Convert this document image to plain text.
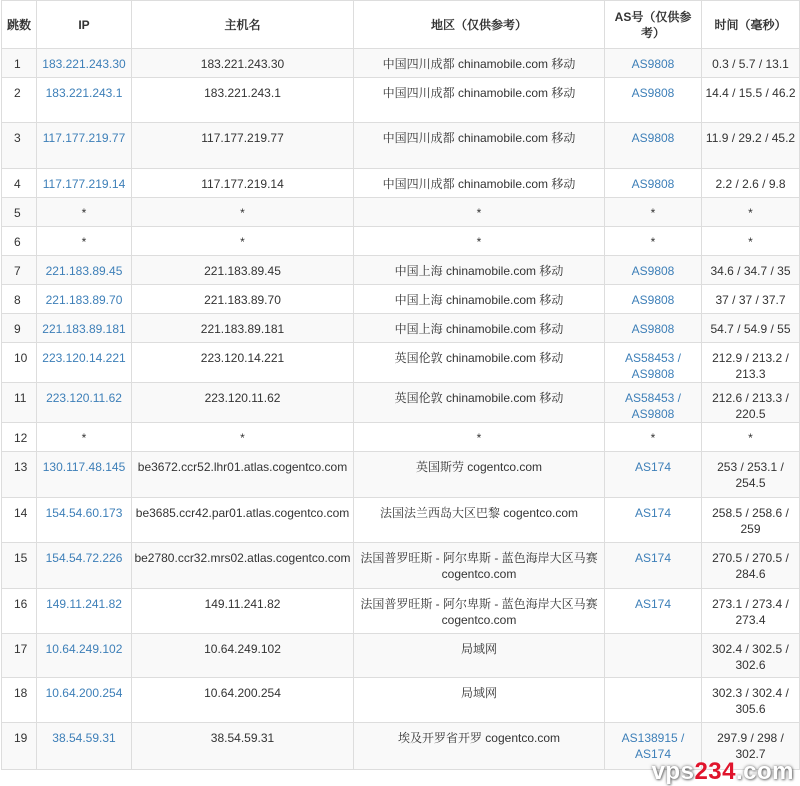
跳数	IP	主机名	地区（仅供参考）	AS号（仅供参考）	时间（毫秒）
1	183.221.243.30	183.221.243.30	中国四川成都 chinamobile.com 移动	AS9808	0.3 / 5.7 / 13.1
2	183.221.243.1	183.221.243.1	中国四川成都 chinamobile.com 移动	AS9808	14.4 / 15.5 / 46.2
3	117.177.219.77	117.177.219.77	中国四川成都 chinamobile.com 移动	AS9808	11.9 / 29.2 / 45.2
4	117.177.219.14	117.177.219.14	中国四川成都 chinamobile.com 移动	AS9808	2.2 / 2.6 / 9.8
5	*	*	*	*	*
6	*	*	*	*	*
7	221.183.89.45	221.183.89.45	中国上海 chinamobile.com 移动	AS9808	34.6 / 34.7 / 35
8	221.183.89.70	221.183.89.70	中国上海 chinamobile.com 移动	AS9808	37 / 37 / 37.7
9	221.183.89.181	221.183.89.181	中国上海 chinamobile.com 移动	AS9808	54.7 / 54.9 / 55
10	223.120.14.221	223.120.14.221	英国伦敦 chinamobile.com 移动	AS58453 / AS9808	212.9 / 213.2 / 213.3
11	223.120.11.62	223.120.11.62	英国伦敦 chinamobile.com 移动	AS58453 / AS9808	212.6 / 213.3 / 220.5
12	*	*	*	*	*
13	130.117.48.145	be3672.ccr52.lhr01.atlas.cogentco.com	英国斯劳 cogentco.com	AS174	253 / 253.1 / 254.5
14	154.54.60.173	be3685.ccr42.par01.atlas.cogentco.com	法国法兰西岛大区巴黎 cogentco.com	AS174	258.5 / 258.6 / 259
15	154.54.72.226	be2780.ccr32.mrs02.atlas.cogentco.com	法国普罗旺斯 - 阿尔卑斯 - 蓝色海岸大区马赛 cogentco.com	AS174	270.5 / 270.5 / 284.6
16	149.11.241.82	149.11.241.82	法国普罗旺斯 - 阿尔卑斯 - 蓝色海岸大区马赛 cogentco.com	AS174	273.1 / 273.4 / 273.4
17	10.64.249.102	10.64.249.102	局域网		302.4 / 302.5 / 302.6
18	10.64.200.254	10.64.200.254	局域网		302.3 / 302.4 / 305.6
19	38.54.59.31	38.54.59.31	埃及开罗省开罗 cogentco.com	AS138915 / AS174	297.9 / 298 / 302.7
vps234.com
